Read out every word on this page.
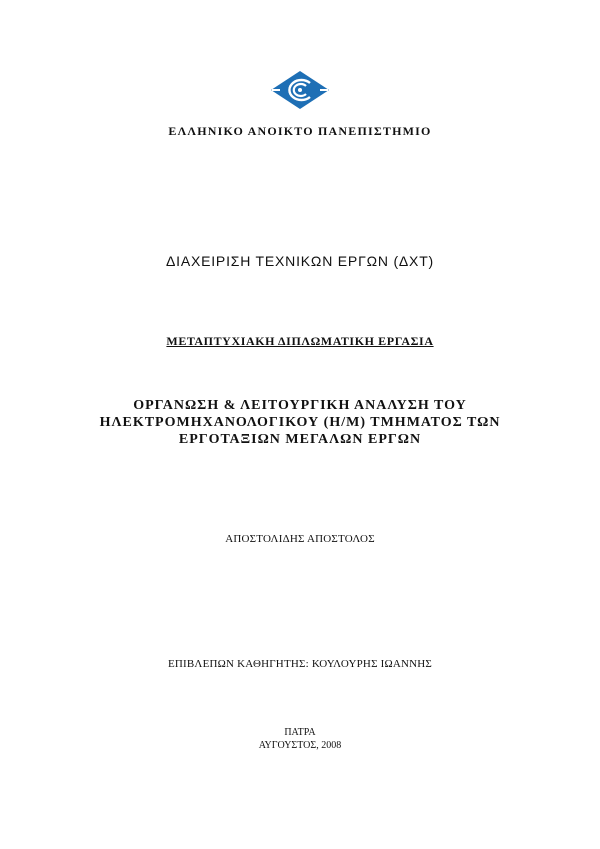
ΕΛΛΗΝΙΚΟ ΑΝΟΙΚΤΟ ΠΑΝΕΠΙΣΤΗΜΙΟ
ΔΙΑΧΕΙΡΙΣΗ ΤΕΧΝΙΚΩΝ ΕΡΓΩΝ (ΔΧΤ)
ΜΕΤΑΠΤΥΧΙΑΚΗ ΔΙΠΛΩΜΑΤΙΚΗ ΕΡΓΑΣΙΑ
ΟΡΓΑΝΩΣΗ & ΛΕΙΤΟΥΡΓΙΚΗ ΑΝΑΛΥΣΗ ΤΟΥ
ΗΛΕΚΤΡΟΜΗΧΑΝΟΛΟΓΙΚΟΥ (Η/Μ) ΤΜΗΜΑΤΟΣ ΤΩΝ
ΕΡΓΟΤΑΞΙΩΝ ΜΕΓΑΛΩΝ ΕΡΓΩΝ
ΑΠΟΣΤΟΛΙΔΗΣ ΑΠΟΣΤΟΛΟΣ
ΕΠΙΒΛΕΠΩΝ ΚΑΘΗΓΗΤΗΣ: ΚΟΥΛΟΥΡΗΣ ΙΩΑΝΝΗΣ
ΠΑΤΡΑ
ΑΥΓΟΥΣΤΟΣ, 2008
